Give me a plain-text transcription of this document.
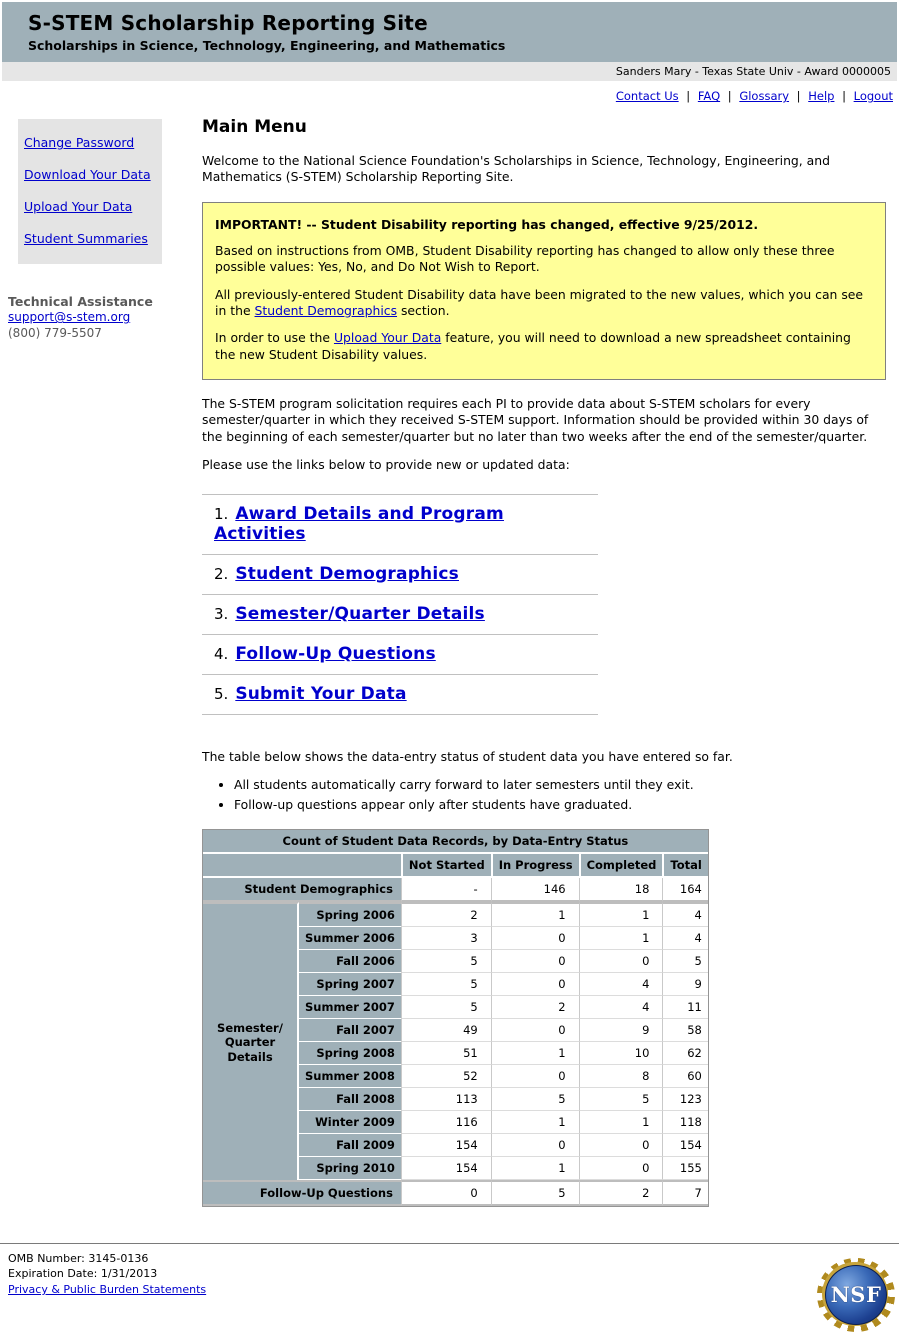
S-STEM Scholarship Reporting Site
Scholarships in Science, Technology, Engineering, and Mathematics
Sanders Mary - Texas State Univ - Award 0000005
Contact Us | FAQ | Glossary | Help | Logout
Change Password
Download Your Data
Upload Your Data
Student Summaries
Technical Assistance
support@s-stem.org
(800) 779-5507
Main Menu

Welcome to the National Science Foundation's Scholarships in Science, Technology, Engineering, and Mathematics (S-STEM) Scholarship Reporting Site.

IMPORTANT! -- Student Disability reporting has changed, effective 9/25/2012.

Based on instructions from OMB, Student Disability reporting has changed to allow only these three possible values: Yes, No, and Do Not Wish to Report.

All previously-entered Student Disability data have been migrated to the new values, which you can see in the Student Demographics section.

In order to use the Upload Your Data feature, you will need to download a new spreadsheet containing the new Student Disability values.

The S-STEM program solicitation requires each PI to provide data about S-STEM scholars for every semester/quarter in which they received S-STEM support. Information should be provided within 30 days of the beginning of each semester/quarter but no later than two weeks after the end of the semester/quarter.

Please use the links below to provide new or updated data:

1. Award Details and Program Activities
2. Student Demographics
3. Semester/Quarter Details
4. Follow-Up Questions
5. Submit Your Data

The table below shows the data-entry status of student data you have entered so far.

• All students automatically carry forward to later semesters until they exit.
• Follow-up questions appear only after students have graduated.
Count of Student Data Records, by Data-Entry Status					
		Not Started	In Progress	Completed	Total
Student Demographics		-	146	18	164
Semester/
Quarter Details	Spring 2006	2	1	1	4
	Summer 2006	3	0	1	4
	Fall 2006	5	0	0	5
	Spring 2007	5	0	4	9
	Summer 2007	5	2	4	11
	Fall 2007	49	0	9	58
	Spring 2008	51	1	10	62
	Summer 2008	52	0	8	60
	Fall 2008	113	5	5	123
	Winter 2009	116	1	1	118
	Fall 2009	154	0	0	154
	Spring 2010	154	1	0	155
Follow-Up Questions		0	5	2	7
OMB Number: 3145-0136
Expiration Date: 1/31/2013
Privacy & Public Burden Statements	NSF
